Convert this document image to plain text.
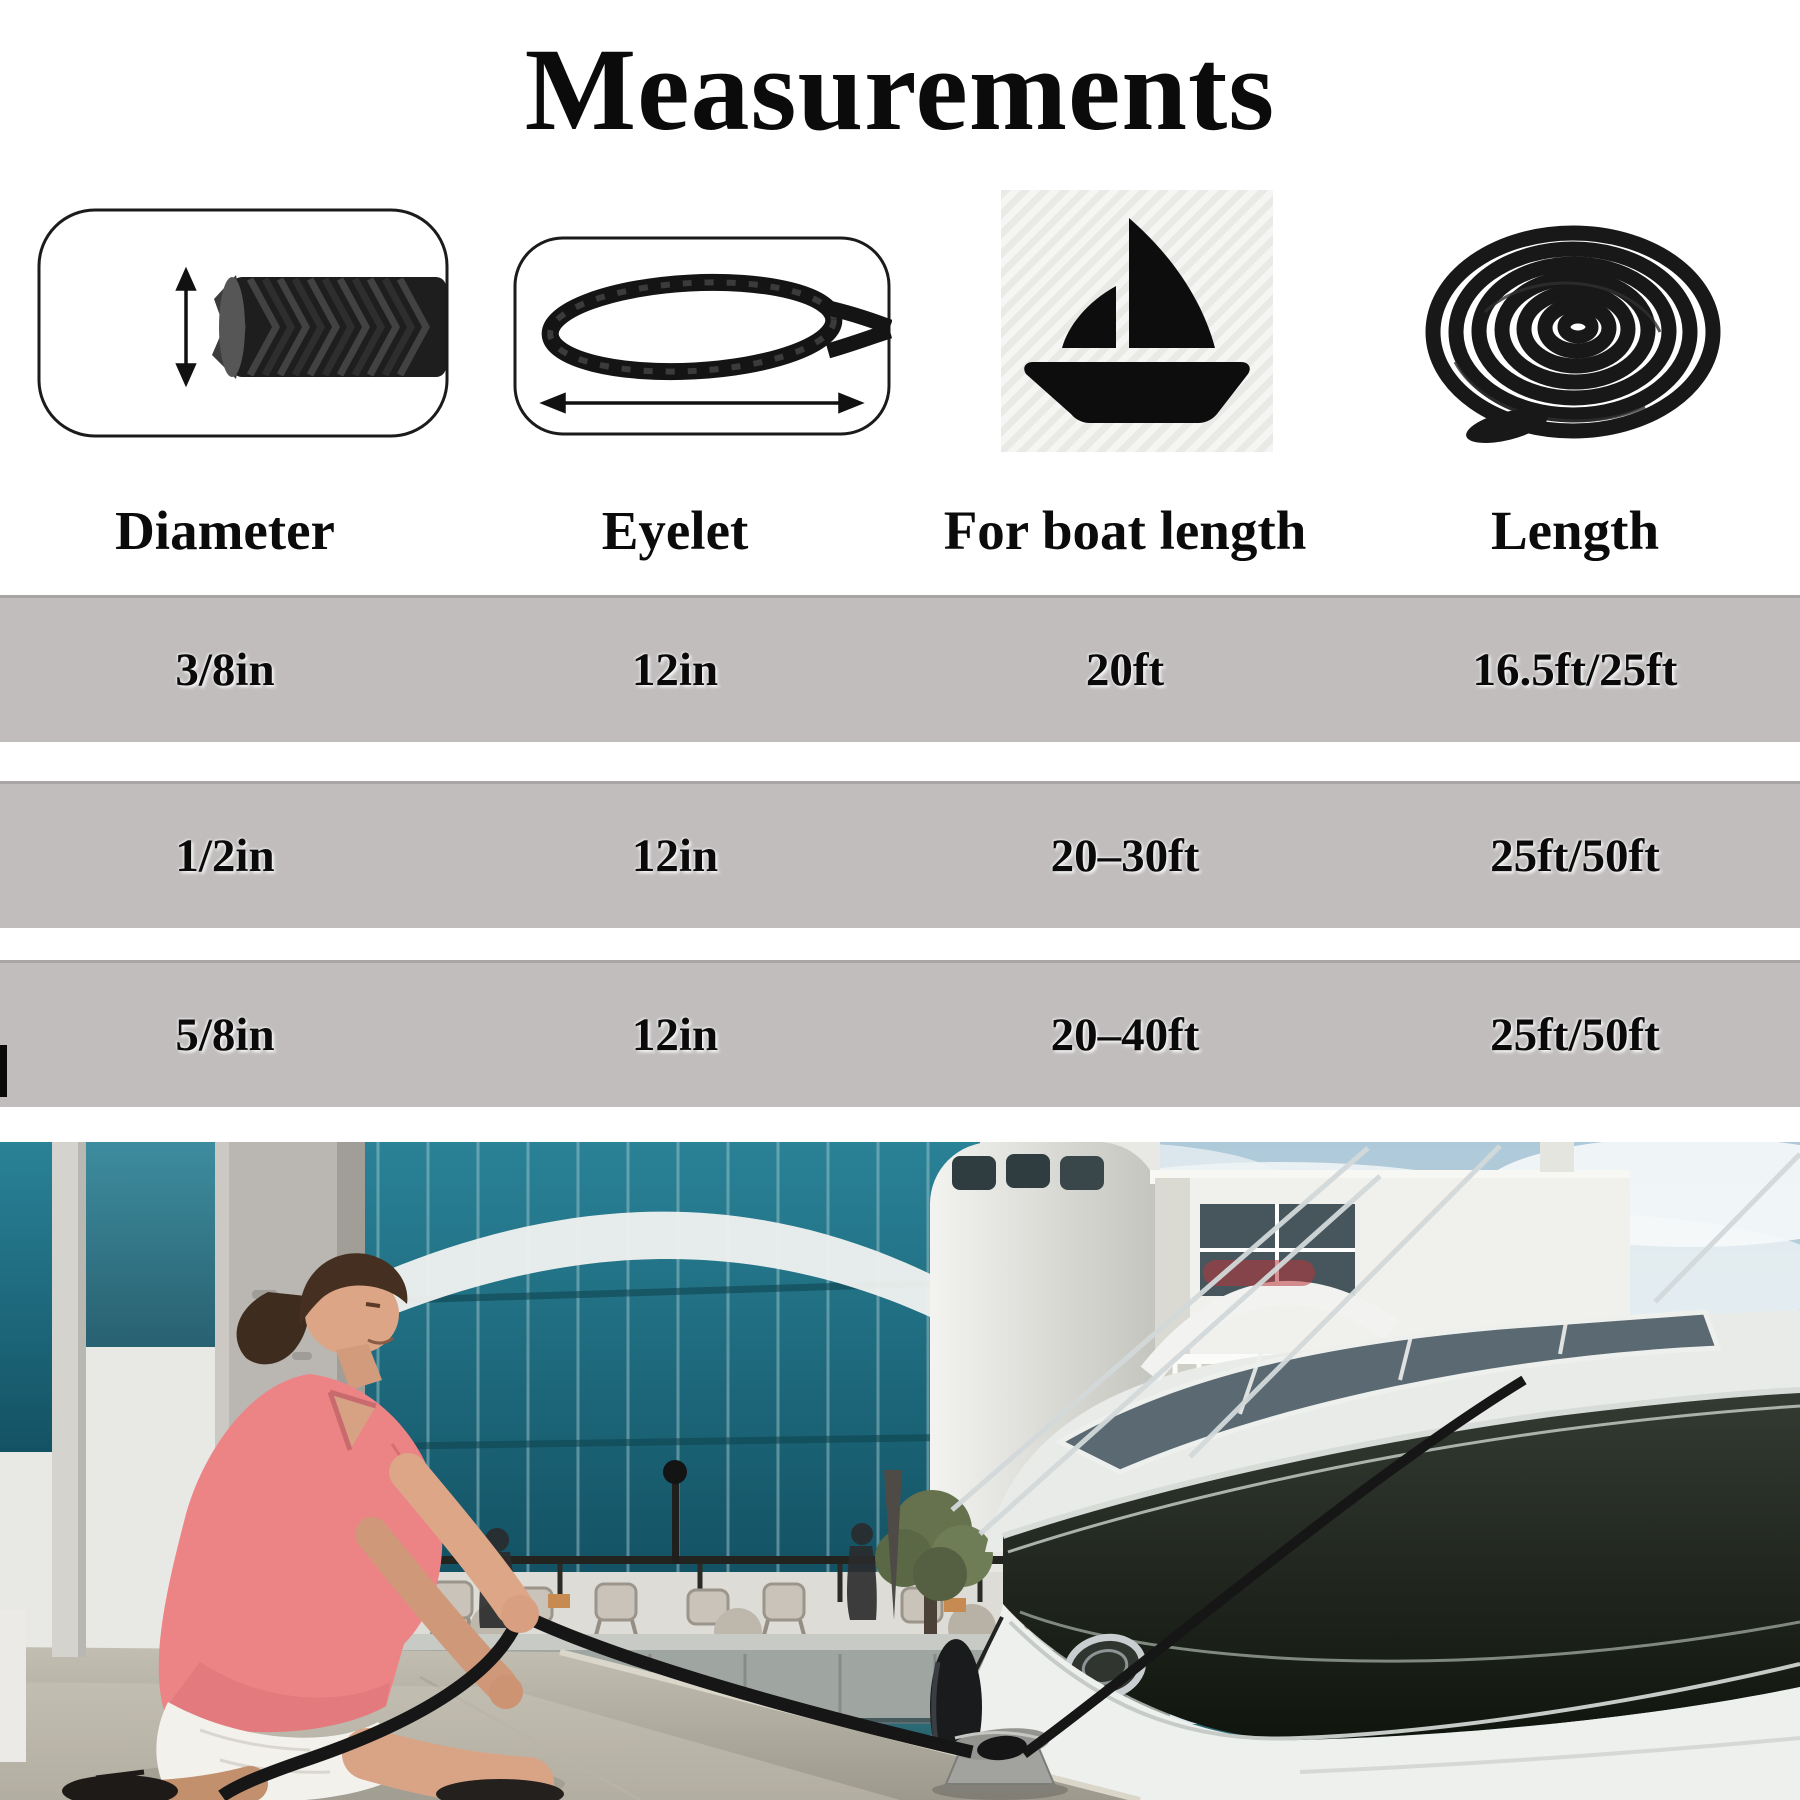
Measurements
Diameter	Eyelet	For boat length	Length
3/8in	12in	20ft	16.5ft/25ft
1/2in	12in	20–30ft	25ft/50ft
5/8in	12in	20–40ft	25ft/50ft
